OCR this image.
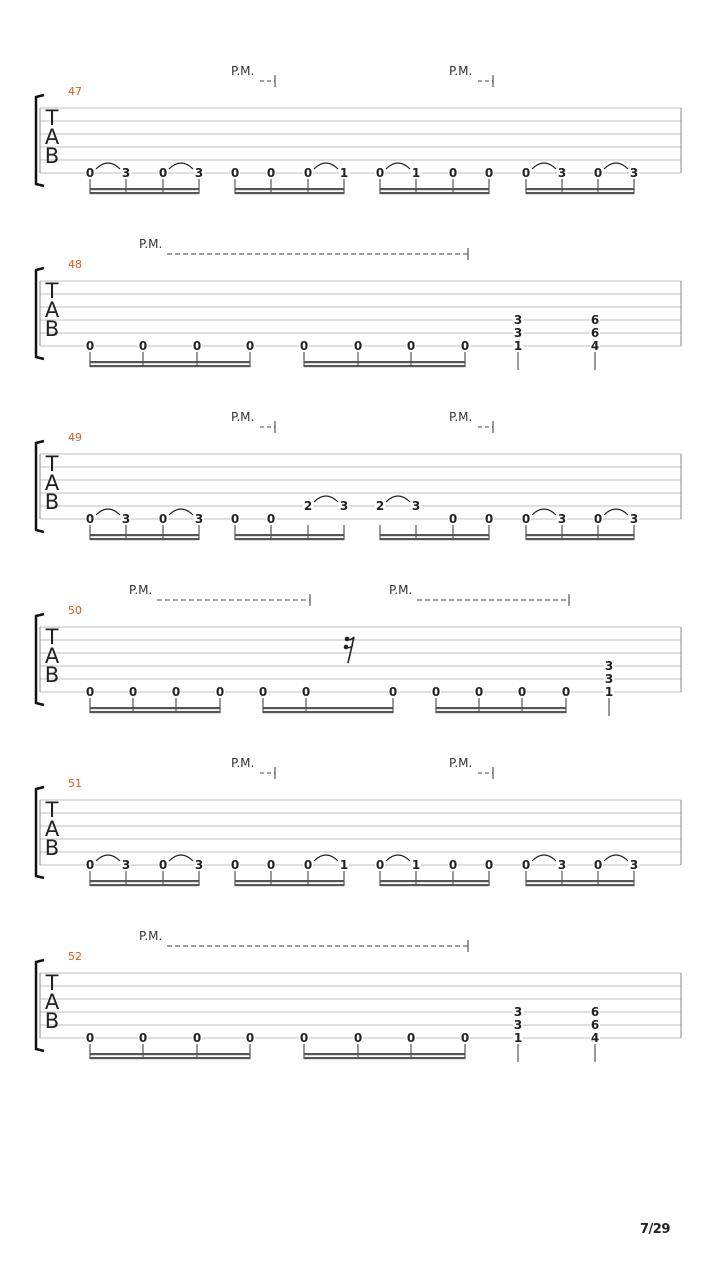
47
T
A
B
P.M.	P.M.
0 3 0 3 0 0 0 1 0 1 0 0 0 3 0 3
48
T
A
B
P.M.
0	0	0	0	0	0	0	0
3
3
1
6
6
4
49
T
A
B
P.M.	P.M.
0 3 0 3 0 0
2 3 2 3
0 0 0 3 0 3
50
T
A
B
P.M.	P.M.
0	0	0	0	0	0	0	0	0	0	0
3
3
1
51
T
A
B
P.M.	P.M.
0 3 0 3 0 0 0 1 0 1 0 0 0 3 0 3
52
T
A
B
P.M.
0	0	0	0	0	0	0	0
3
3
1
6
6
4
7/29
